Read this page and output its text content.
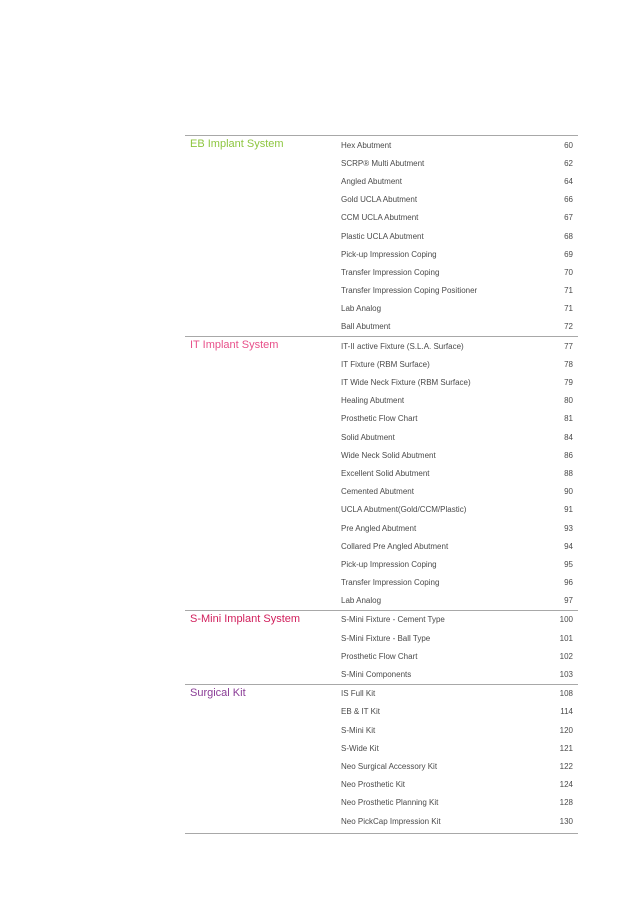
EB Implant System	Hex Abutment	60
SCRP® Multi Abutment	62
Angled Abutment	64
Gold UCLA Abutment	66
CCM UCLA Abutment	67
Plastic UCLA Abutment	68
Pick-up Impression Coping	69
Transfer Impression Coping	70
Transfer Impression Coping Positioner	71
Lab Analog	71
Ball Abutment	72
IT Implant System	IT-II active Fixture (S.L.A. Surface)	77
IT Fixture (RBM Surface)	78
IT Wide Neck Fixture (RBM Surface)	79
Healing Abutment	80
Prosthetic Flow Chart	81
Solid Abutment	84
Wide Neck Solid Abutment	86
Excellent Solid Abutment	88
Cemented Abutment	90
UCLA Abutment(Gold/CCM/Plastic)	91
Pre Angled Abutment	93
Collared Pre Angled Abutment	94
Pick-up Impression Coping	95
Transfer Impression Coping	96
Lab Analog	97
S-Mini Implant System	S-Mini Fixture - Cement Type	100
S-Mini Fixture - Ball Type	101
Prosthetic Flow Chart	102
S-Mini Components	103
Surgical Kit	IS Full Kit	108
EB & IT Kit	114
S-Mini Kit	120
S-Wide Kit	121
Neo Surgical Accessory Kit	122
Neo Prosthetic Kit	124
Neo Prosthetic Planning Kit	128
Neo PickCap Impression Kit	130
